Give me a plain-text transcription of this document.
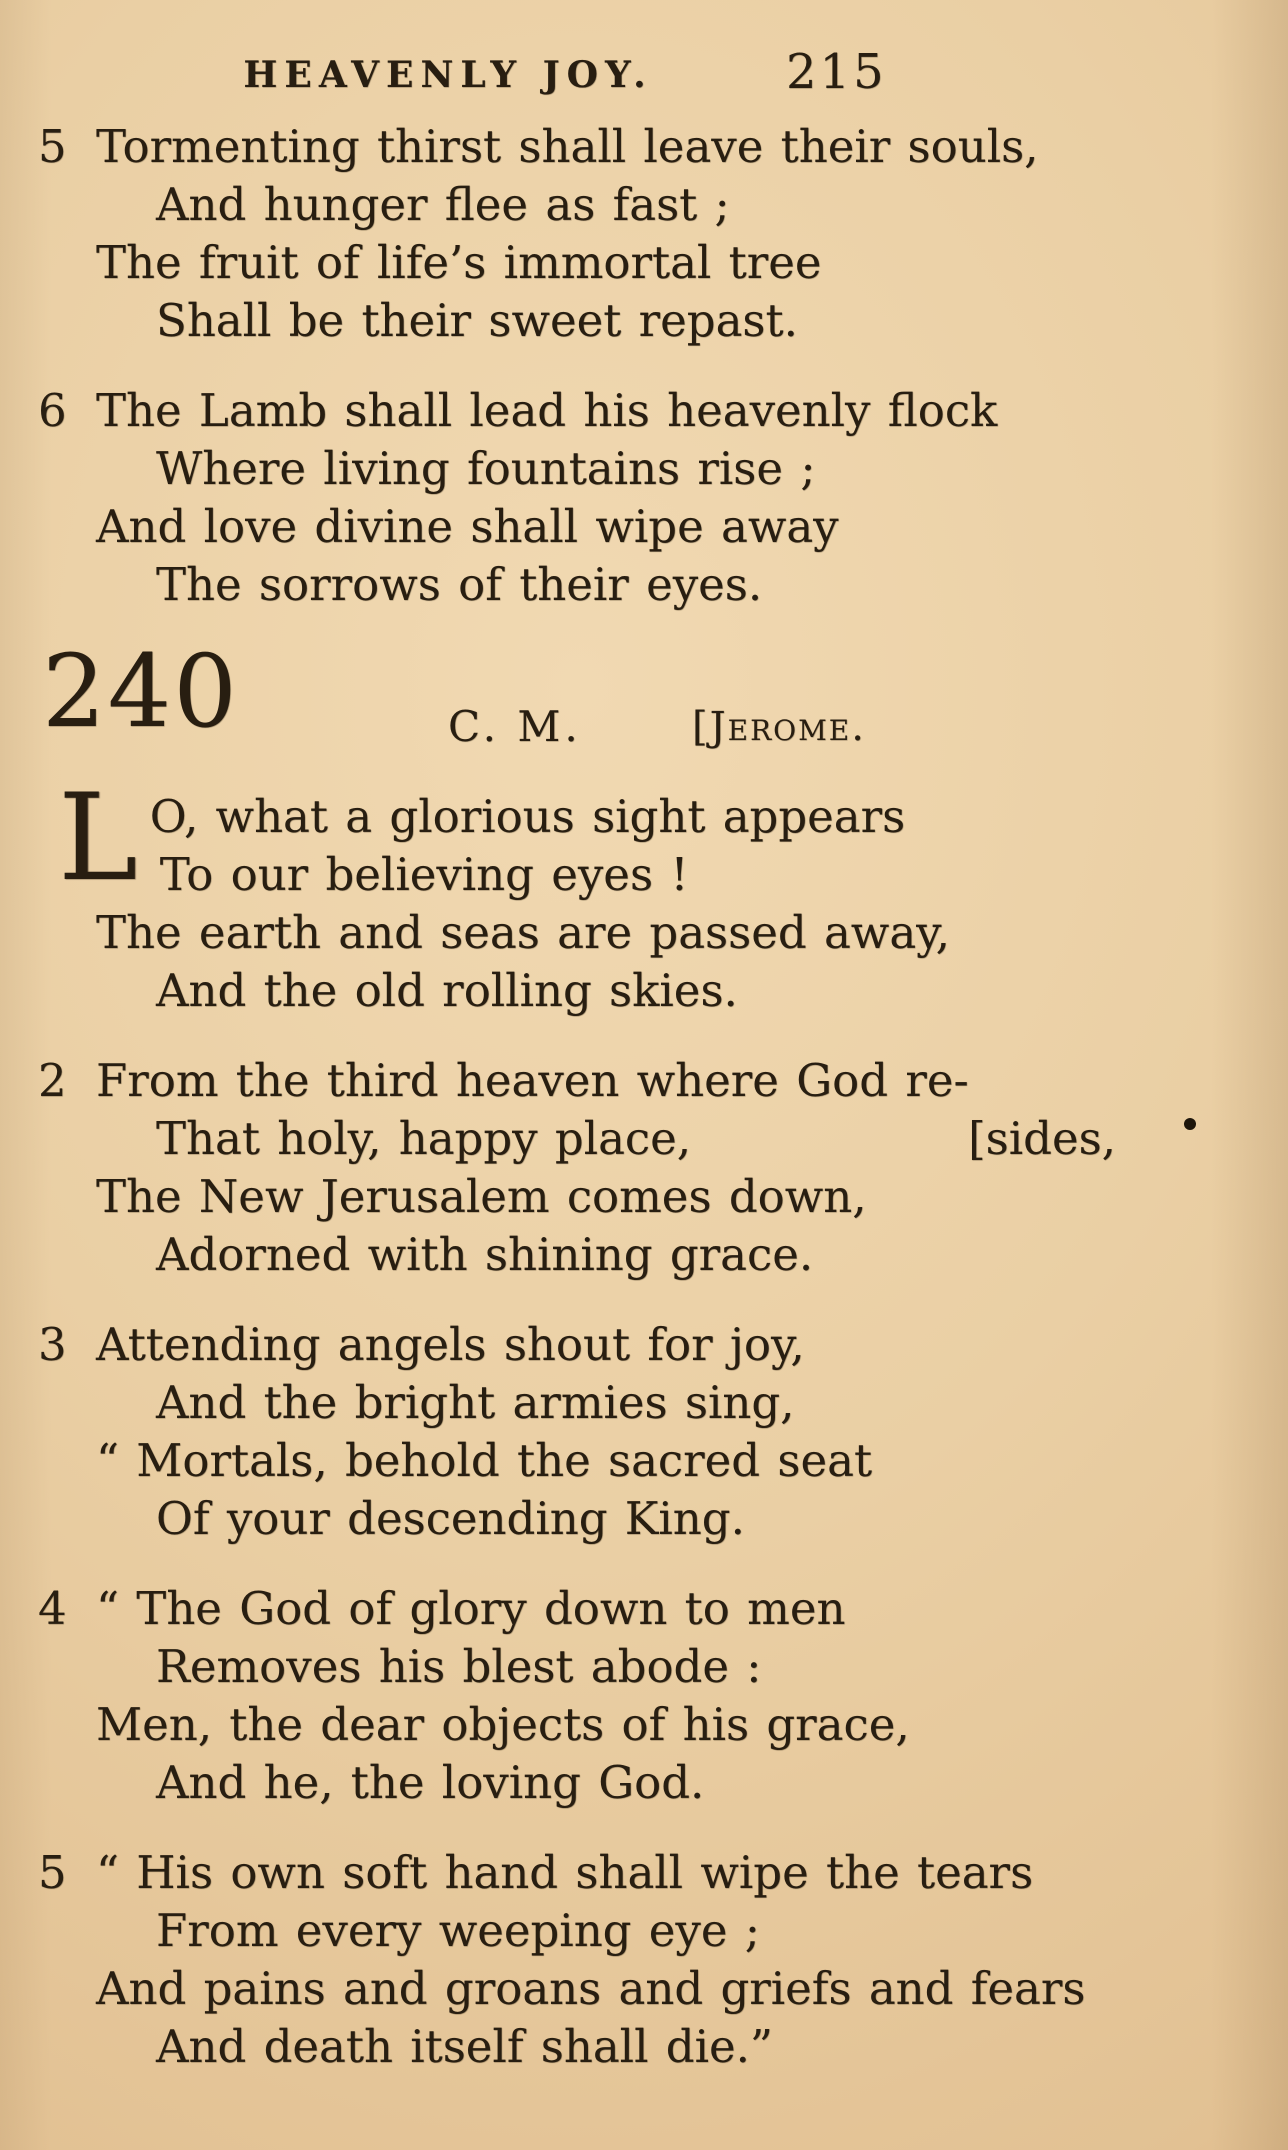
HEAVENLY JOY.	215
5 Tormenting thirst shall leave their souls,
And hunger flee as fast ;
The fruit of life’s immortal tree
Shall be their sweet repast.
6 The Lamb shall lead his heavenly flock
Where living fountains rise ;
And love divine shall wipe away
The sorrows of their eyes.
240	C. M.	[Jerome.
L O, what a glorious sight appears
To our believing eyes !
The earth and seas are passed away,
And the old rolling skies.
2 From the third heaven where God re-
That holy, happy place,	[sides,
The New Jerusalem comes down,
Adorned with shining grace.
3 Attending angels shout for joy,
And the bright armies sing,
“ Mortals, behold the sacred seat
Of your descending King.
4 “ The God of glory down to men
Removes his blest abode :
Men, the dear objects of his grace,
And he, the loving God.
5 “ His own soft hand shall wipe the tears
From every weeping eye ;
And pains and groans and griefs and fears
And death itself shall die.”
